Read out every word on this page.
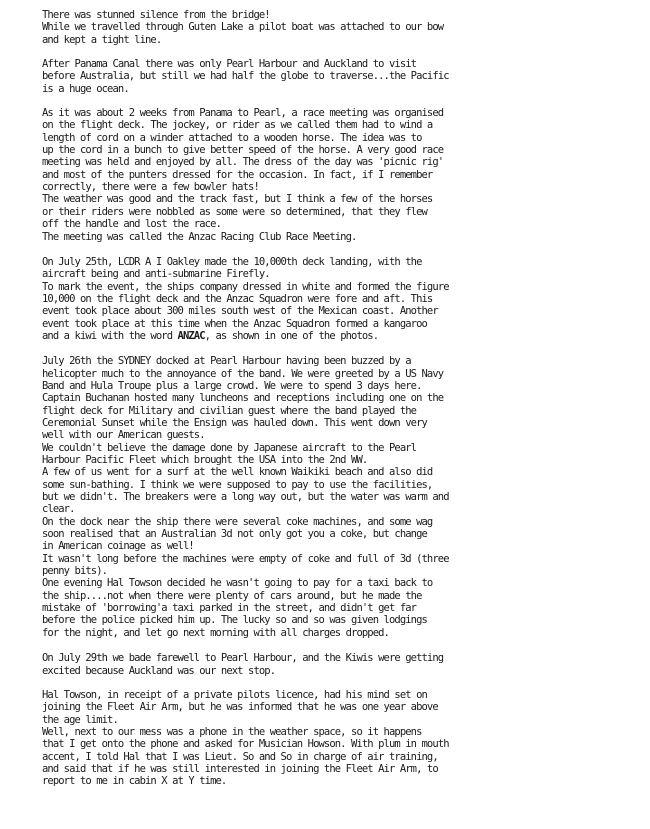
There was stunned silence from the bridge!
While we travelled through Guten Lake a pilot boat was attached to our bow
and kept a tight line.
After Panama Canal there was only Pearl Harbour and Auckland to visit
before Australia, but still we had half the globe to traverse...the Pacific
is a huge ocean.
As it was about 2 weeks from Panama to Pearl, a race meeting was organised
on the flight deck. The jockey, or rider as we called them had to wind a
length of cord on a winder attached to a wooden horse. The idea was to
up the cord in a bunch to give better speed of the horse. A very good race
meeting was held and enjoyed by all. The dress of the day was 'picnic rig'
and most of the punters dressed for the occasion. In fact, if I remember
correctly, there were a few bowler hats!
The weather was good and the track fast, but I think a few of the horses
or their riders were nobbled as some were so determined, that they flew
off the handle and lost the race.
The meeting was called the Anzac Racing Club Race Meeting.
On July 25th, LCDR A I Oakley made the 10,000th deck landing, with the
aircraft being and anti-submarine Firefly.
To mark the event, the ships company dressed in white and formed the figure
10,000 on the flight deck and the Anzac Squadron were fore and aft. This
event took place about 300 miles south west of the Mexican coast. Another
event took place at this time when the Anzac Squadron formed a kangaroo
and a kiwi with the word ANZAC, as shown in one of the photos.
July 26th the SYDNEY docked at Pearl Harbour having been buzzed by a
helicopter much to the annoyance of the band. We were greeted by a US Navy
Band and Hula Troupe plus a large crowd. We were to spend 3 days here.
Captain Buchanan hosted many luncheons and receptions including one on the
flight deck for Military and civilian guest where the band played the
Ceremonial Sunset while the Ensign was hauled down. This went down very
well with our American guests.
We couldn't believe the damage done by Japanese aircraft to the Pearl
Harbour Pacific Fleet which brought the USA into the 2nd WW.
A few of us went for a surf at the well known Waikiki beach and also did
some sun-bathing. I think we were supposed to pay to use the facilities,
but we didn't. The breakers were a long way out, but the water was warm and
clear.
On the dock near the ship there were several coke machines, and some wag
soon realised that an Australian 3d not only got you a coke, but change
in American coinage as well!
It wasn't long before the machines were empty of coke and full of 3d (three
penny bits).
One evening Hal Towson decided he wasn't going to pay for a taxi back to
the ship....not when there were plenty of cars around, but he made the
mistake of 'borrowing'a taxi parked in the street, and didn't get far
before the police picked him up. The lucky so and so was given lodgings
for the night, and let go next morning with all charges dropped.
On July 29th we bade farewell to Pearl Harbour, and the Kiwis were getting
excited because Auckland was our next stop.
Hal Towson, in receipt of a private pilots licence, had his mind set on
joining the Fleet Air Arm, but he was informed that he was one year above
the age limit.
Well, next to our mess was a phone in the weather space, so it happens
that I get onto the phone and asked for Musician Howson. With plum in mouth
accent, I told Hal that I was Lieut. So and So in charge of air training,
and said that if he was still interested in joining the Fleet Air Arm, to
report to me in cabin X at Y time.
